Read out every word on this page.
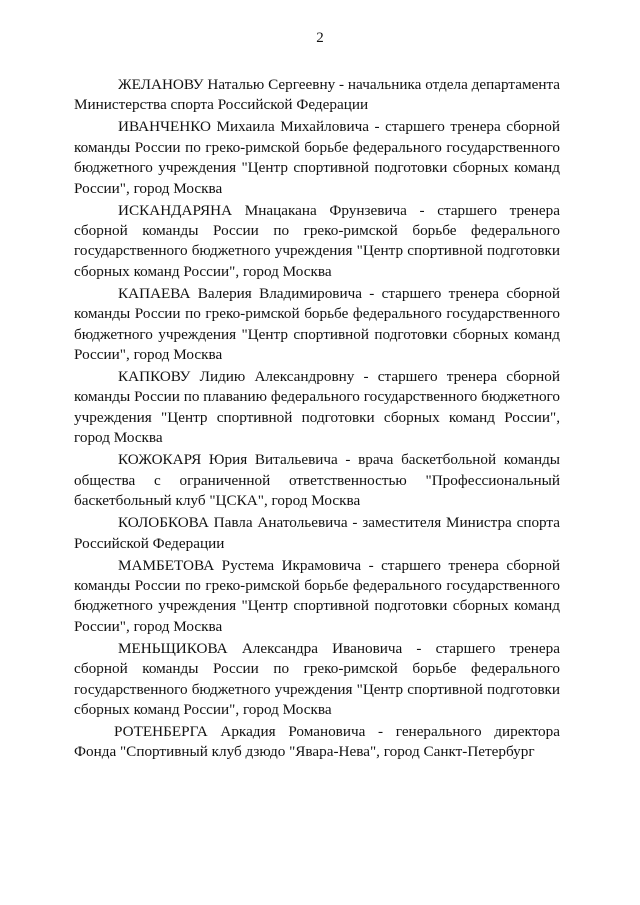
2

ЖЕЛАНОВУ Наталью Сергеевну - начальника отдела департамента Министерства спорта Российской Федерации

ИВАНЧЕНКО Михаила Михайловича - старшего тренера сборной команды России по греко-римской борьбе федерального государственного бюджетного учреждения "Центр спортивной подготовки сборных команд России", город Москва

ИСКАНДАРЯНА Мнацакана Фрунзевича - старшего тренера сборной команды России по греко-римской борьбе федерального государственного бюджетного учреждения "Центр спортивной подготовки сборных команд России", город Москва

КАПАЕВА Валерия Владимировича - старшего тренера сборной команды России по греко-римской борьбе федерального государственного бюджетного учреждения "Центр спортивной подготовки сборных команд России", город Москва

КАПКОВУ Лидию Александровну - старшего тренера сборной команды России по плаванию федерального государственного бюджетного учреждения "Центр спортивной подготовки сборных команд России", город Москва

КОЖОКАРЯ Юрия Витальевича - врача баскетбольной команды общества с ограниченной ответственностью "Профессиональный баскетбольный клуб "ЦСКА", город Москва

КОЛОБКОВА Павла Анатольевича - заместителя Министра спорта Российской Федерации

МАМБЕТОВА Рустема Икрамовича - старшего тренера сборной команды России по греко-римской борьбе федерального государственного бюджетного учреждения "Центр спортивной подготовки сборных команд России", город Москва

МЕНЬЩИКОВА Александра Ивановича - старшего тренера сборной команды России по греко-римской борьбе федерального государственного бюджетного учреждения "Центр спортивной подготовки сборных команд России", город Москва

РОТЕНБЕРГА Аркадия Романовича - генерального директора Фонда "Спортивный клуб дзюдо "Явара-Нева", город Санкт-Петербург
